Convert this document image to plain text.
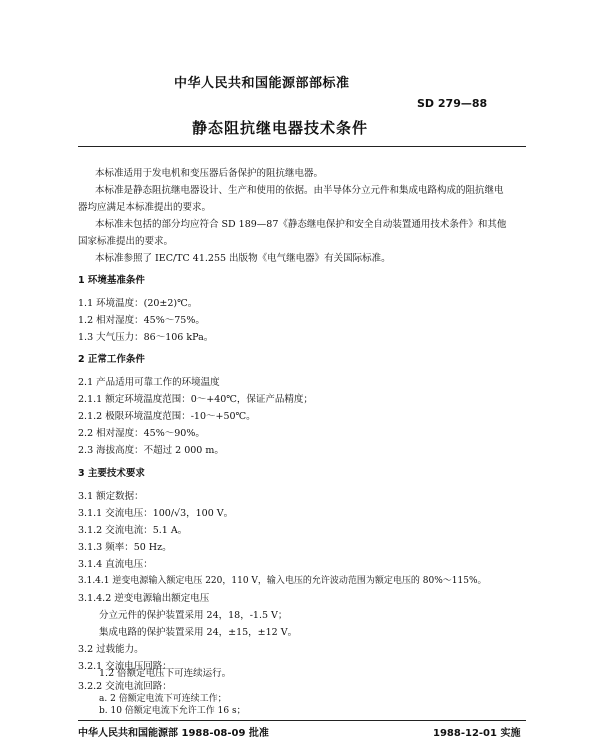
中华人民共和国能源部部标准
SD 279—88
静态阻抗继电器技术条件
本标准适用于发电机和变压器后备保护的阻抗继电器。
本标准是静态阻抗继电器设计、生产和使用的依据。由半导体分立元件和集成电路构成的阻抗继电
器均应满足本标准提出的要求。
本标准未包括的部分均应符合 SD 189—87《静态继电保护和安全自动装置通用技术条件》和其他
国家标准提出的要求。
本标准参照了 IEC/TC 41.255 出版物《电气继电器》有关国际标准。
1 环境基准条件
1.1 环境温度：(20±2)℃。
1.2 相对湿度：45%～75%。
1.3 大气压力：86～106 kPa。
2 正常工作条件
2.1 产品适用可靠工作的环境温度
2.1.1 额定环境温度范围：0～+40℃，保证产品精度；
2.1.2 极限环境温度范围：-10～+50℃。
2.2 相对湿度：45%～90%。
2.3 海拔高度：不超过 2 000 m。
3 主要技术要求
3.1 额定数据：
3.1.1 交流电压：100/√3，100 V。
3.1.2 交流电流：5.1 A。
3.1.3 频率：50 Hz。
3.1.4 直流电压：
3.1.4.1 逆变电源输入额定电压 220，110 V，输入电压的允许波动范围为额定电压的 80%～115%。
3.1.4.2 逆变电源输出额定电压
分立元件的保护装置采用 24，18，-1.5 V；
集成电路的保护装置采用 24，±15，±12 V。
3.2 过载能力。
3.2.1 交流电压回路：
1.2 倍额定电压下可连续运行。
3.2.2 交流电流回路：
a. 2 倍额定电流下可连续工作；
中华人民共和国能源部 1988-08-09 批准	1988-12-01 实施
b. 10 倍额定电流下允许工作 16 s；
